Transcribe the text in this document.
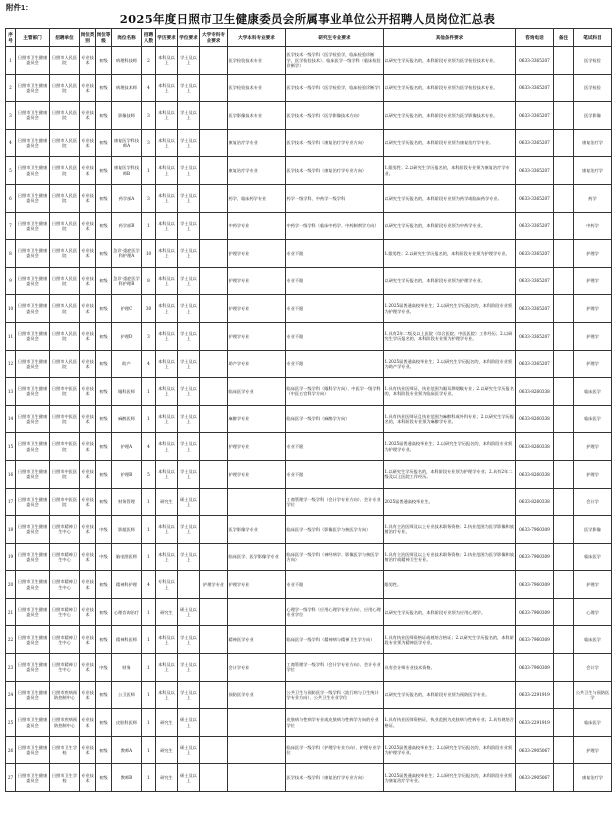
附件1：
2025年度日照市卫生健康委员会所属事业单位公开招聘人员岗位汇总表
序号	主管部门	招聘单位	岗位类别	岗位等级	岗位名称	招聘人数	学历要求	学位要求	大学专科专业要求	大学本科专业要求	研究生专业要求	其他条件要求	咨询电话	备注	笔试科目
1	日照市卫生健康委员会	日照市人民医院	专业技术	初级	病理科技师	2	本科及以上	学士及以上		医学检验技术专业	医学技术一级学科（医学检验学，临床检验诊断学，医学检验技术）、临床医学一级学科（临床检验诊断学）	以研究生学历报名的，本科阶段专业须为医学检验技术专业。	0633-3365207		医学检验
2	日照市卫生健康委员会	日照市人民医院	专业技术	初级	病理技术师	4	本科及以上	学士及以上		医学检验技术专业	医学技术一级学科（医学检验学，临床检验诊断学）	以研究生学历报名的，本科阶段专业须为医学检验技术专业。	0633-3365207		医学检验
3	日照市卫生健康委员会	日照市人民医院	专业技术	初级	影像技师	3	本科及以上	学士及以上		医学影像技术专业	医学技术一级学科（医学影像技术方向）	以研究生学历报名的，本科阶段专业须为医学影像技术专业。	0633-3365207		医学影像
4	日照市卫生健康委员会	日照市人民医院	专业技术	初级	康复医学科技师A	3	本科及以上	学士及以上		康复治疗学专业	医学技术一级学科（康复治疗学专业方向）	以研究生学历报名的，本科阶段专业须为康复治疗学专业。	0633-3365207		康复治疗学
5	日照市卫生健康委员会	日照市人民医院	专业技术	初级	康复医学科技师B	1	本科及以上	学士及以上		康复治疗学专业	医学技术一级学科（康复治疗学专业方向）	1.限男性；2.以研究生学历报名的，本科阶段专业须为康复治疗学专业。	0633-3365207		康复治疗学
6	日照市卫生健康委员会	日照市人民医院	专业技术	初级	药学部A	3	本科及以上	学士及以上		药学、临床药学专业	药学一级学科、中药学一级学科	以研究生学历报名的，本科阶段专业须为药学或临床药学专业。	0633-3365207		药学
7	日照市卫生健康委员会	日照市人民医院	专业技术	初级	药学部B	1	本科及以上	学士及以上		中药学专业	中药学一级学科（临床中药学、中药制剂学方向）	以研究生学历报名的，本科阶段专业须为中药学专业。	0633-3365207		中药学
8	日照市卫生健康委员会	日照市人民医院	专业技术	初级	急诊·重症医学科护理A	10	本科及以上	学士及以上		护理学专业	专业不限	1.限男性；2.以研究生学历报名的，本科阶段专业须为护理学专业。	0633-3365207		护理学
9	日照市卫生健康委员会	日照市人民医院	专业技术	初级	急诊·重症医学科护理B	8	本科及以上	学士及以上		护理学专业	专业不限	以研究生学历报名的，本科阶段专业须为护理学专业。	0633-3365207		护理学
10	日照市卫生健康委员会	日照市人民医院	专业技术	初级	护理C	30	本科及以上	学士及以上		护理学专业	专业不限	1.2025届普通高校毕业生；2.以研究生学历报名的，本科阶段专业须为护理学专业。	0633-3365207		护理学
11	日照市卫生健康委员会	日照市人民医院	专业技术	初级	护理D	3	本科及以上	学士及以上		护理学专业	专业不限	1.具有2年二级及以上医院（综合医院、中医医院）工作经历；2.以研究生学历报名的，本科阶段专业须为护理学专业。	0633-3365207		护理学
12	日照市卫生健康委员会	日照市人民医院	专业技术	初级	助产	4	本科及以上	学士及以上		助产学专业	专业不限	1.2025届普通高校毕业生；2.以研究生学历报名的，本科阶段专业须为助产学专业。	0633-3365207		护理学
13	日照市卫生健康委员会	日照市中医医院	专业技术	初级	眼科医师	1	本科及以上	学士及以上		临床医学专业	临床医学一级学科（眼科学方向）、中医学一级学科（中医五官科学方向）	1.具有执业医师证，执业范围为眼耳鼻咽喉专业；2.以研究生学历报名的，本科阶段专业须为临床医学专业。	0633-8260338		临床医学
14	日照市卫生健康委员会	日照市中医医院	专业技术	初级	麻醉医师	1	本科及以上	学士及以上		麻醉学专业	临床医学一级学科（麻醉学方向）	1.具有执业医师证且执业范围为麻醉科或外科专业；2.以研究生学历报名的，本科阶段专业须为麻醉学专业。	0633-8260338		临床医学
15	日照市卫生健康委员会	日照市中医医院	专业技术	初级	护理A	4	本科及以上	学士及以上		护理学专业	专业不限	1.2025届普通高校毕业生；2.以研究生学历报名的，本科阶段专业须为护理学专业。	0633-8260338		护理学
16	日照市卫生健康委员会	日照市中医医院	专业技术	初级	护理B	5	本科及以上	学士及以上		护理学专业	专业不限	1.以研究生学历报名的，本科阶段专业须为护理学专业；2.具有2年二级及以上医院工作经历。	0633-8260338		护理学
17	日照市卫生健康委员会	日照市中医医院	专业技术	初级	财务管理	1	研究生	硕士及以上			工商管理学一级学科（会计学专业方向）、会计专业学位	2025届普通高校毕业生。	0633-8260338		会计学
18	日照市卫生健康委员会	日照市精神卫生中心	专业技术	中级	影超医师	1	本科及以上	学士及以上		医学影像学专业	临床医学一级学科（影像医学与核医学方向）	1.具有主治医师及以上专业技术职务资格；2.执业范围为医学影像和放射治疗专业。	0633-7960309		医学影像
19	日照市卫生健康委员会	日照市精神卫生中心	专业技术	中级	脑电图医师	1	本科及以上	学士及以上		临床医学、医学影像学专业	临床医学一级学科（神经病学、影像医学与核医学方向）	1.具有主治医师及以上专业技术职务资格；2.执业范围为医学影像和放射治疗或精神卫生专业。	0633-7960309		临床医学
20	日照市卫生健康委员会	日照市精神卫生中心	专业技术	初级	精神科护理	4	专科及以上		护理学专业	护理学专业	专业不限	限男性。	0633-7960309		护理学
21	日照市卫生健康委员会	日照市精神卫生中心	专业技术	初级	心理咨询治疗	1	研究生	硕士及以上			心理学一级学科（应用心理学专业方向）、应用心理专业学位	以研究生学历报名的，本科阶段专业须为应用心理学。	0633-7960309		心理学
22	日照市卫生健康委员会	日照市精神卫生中心	专业技术	初级	精神科医师	1	本科及以上	学士及以上		精神医学专业	临床医学一级学科（精神病与精神卫生学方向）	1.具有执业医师资格证或规培合格证；2.以研究生学历报名的，本科阶段专业须为精神医学专业。	0633-7960309		临床医学
23	日照市卫生健康委员会	日照市精神卫生中心	专业技术	中级	财务	1	本科及以上	学士及以上		会计学专业	工商管理学一级学科（会计学专业方向）、会计专业学位	具有会计师专业技术资格。	0633-7960309		会计学
24	日照市卫生健康委员会	日照市疾病预防控制中心	专业技术	初级	公卫医师	1	本科及以上	学士及以上		预防医学专业	公共卫生与预防医学一级学科（流行病与卫生统计学专业方向）、公共卫生专业学位	以研究生学历报名的，本科阶段专业须为预防医学专业。	0633-2291919		公共卫生与预防医学
25	日照市卫生健康委员会	日照市疾病预防控制中心	专业技术	初级	皮肤科医师	1	研究生	硕士及以上			皮肤病与性病学专业或皮肤病与性病学方向的专业学位	1.具有执业医师资格证，执业范围为皮肤病与性病专业；2.具有规培合格证。	0633-2291919		临床医学
26	日照市卫生健康委员会	日照市卫生学校	专业技术	初级	教师A	1	研究生	硕士及以上			临床医学一级学科（护理学专业方向）、护理专业学位	1.2025届普通高校毕业生；2.以研究生学历报名的，本科阶段专业须为护理学专业。	0633-2905067		护理学
27	日照市卫生健康委员会	日照市卫生学校	专业技术	初级	教师B	1	研究生	硕士及以上			医学技术一级学科（康复治疗学专业方向）	1.2025届普通高校毕业生；2.以研究生学历报名的，本科阶段专业须为康复治疗学专业。	0633-2905067		康复治疗学
